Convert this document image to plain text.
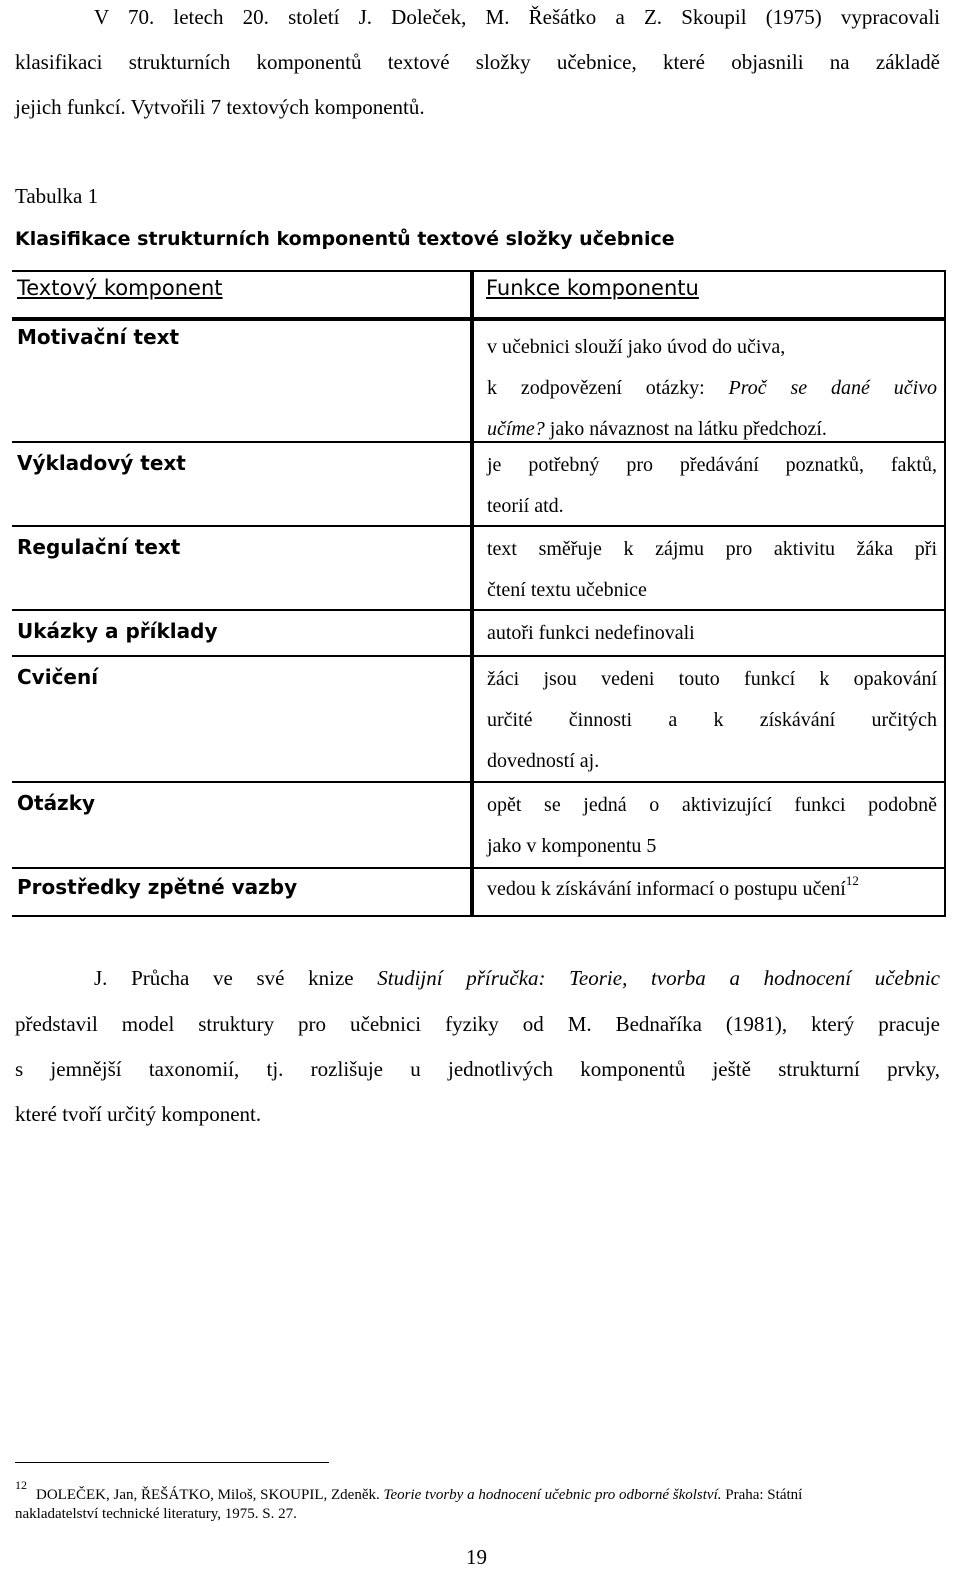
V 70. letech 20. století J. Doleček, M. Řešátko a Z. Skoupil (1975) vypracovali
klasifikaci strukturních komponentů textové složky učebnice, které objasnili na základě
jejich funkcí. Vytvořili 7 textových komponentů.
Tabulka 1
Klasifikace strukturních komponentů textové složky učebnice
Textový komponent	Funkce komponentu
Motivační text	v učebnici slouží jako úvod do učiva,
k zodpovězení otázky: Proč se dané učivo
učíme? jako návaznost na látku předchozí.
Výkladový text	je potřebný pro předávání poznatků, faktů,
teorií atd.
Regulační text	text směřuje k zájmu pro aktivitu žáka při
čtení textu učebnice
Ukázky a příklady	autoři funkci nedefinovali
Cvičení	žáci jsou vedeni touto funkcí k opakování
určité činnosti a k získávání určitých
dovedností aj.
Otázky	opět se jedná o aktivizující funkci podobně
jako v komponentu 5
Prostředky zpětné vazby	vedou k získávání informací o postupu učení$^{12}$
J. Průcha ve své knize Studijní příručka: Teorie, tvorba a hodnocení učebnic
představil model struktury pro učebnici fyziky od M. Bednaříka (1981), který pracuje
s jemnější taxonomií, tj. rozlišuje u jednotlivých komponentů ještě strukturní prvky,
které tvoří určitý komponent.
12
DOLEČEK, Jan, ŘEŠÁTKO, Miloš, SKOUPIL, Zdeněk. Teorie tvorby a hodnocení učebnic pro odborné školství. Praha: Státní
nakladatelství technické literatury, 1975. S. 27.
19
